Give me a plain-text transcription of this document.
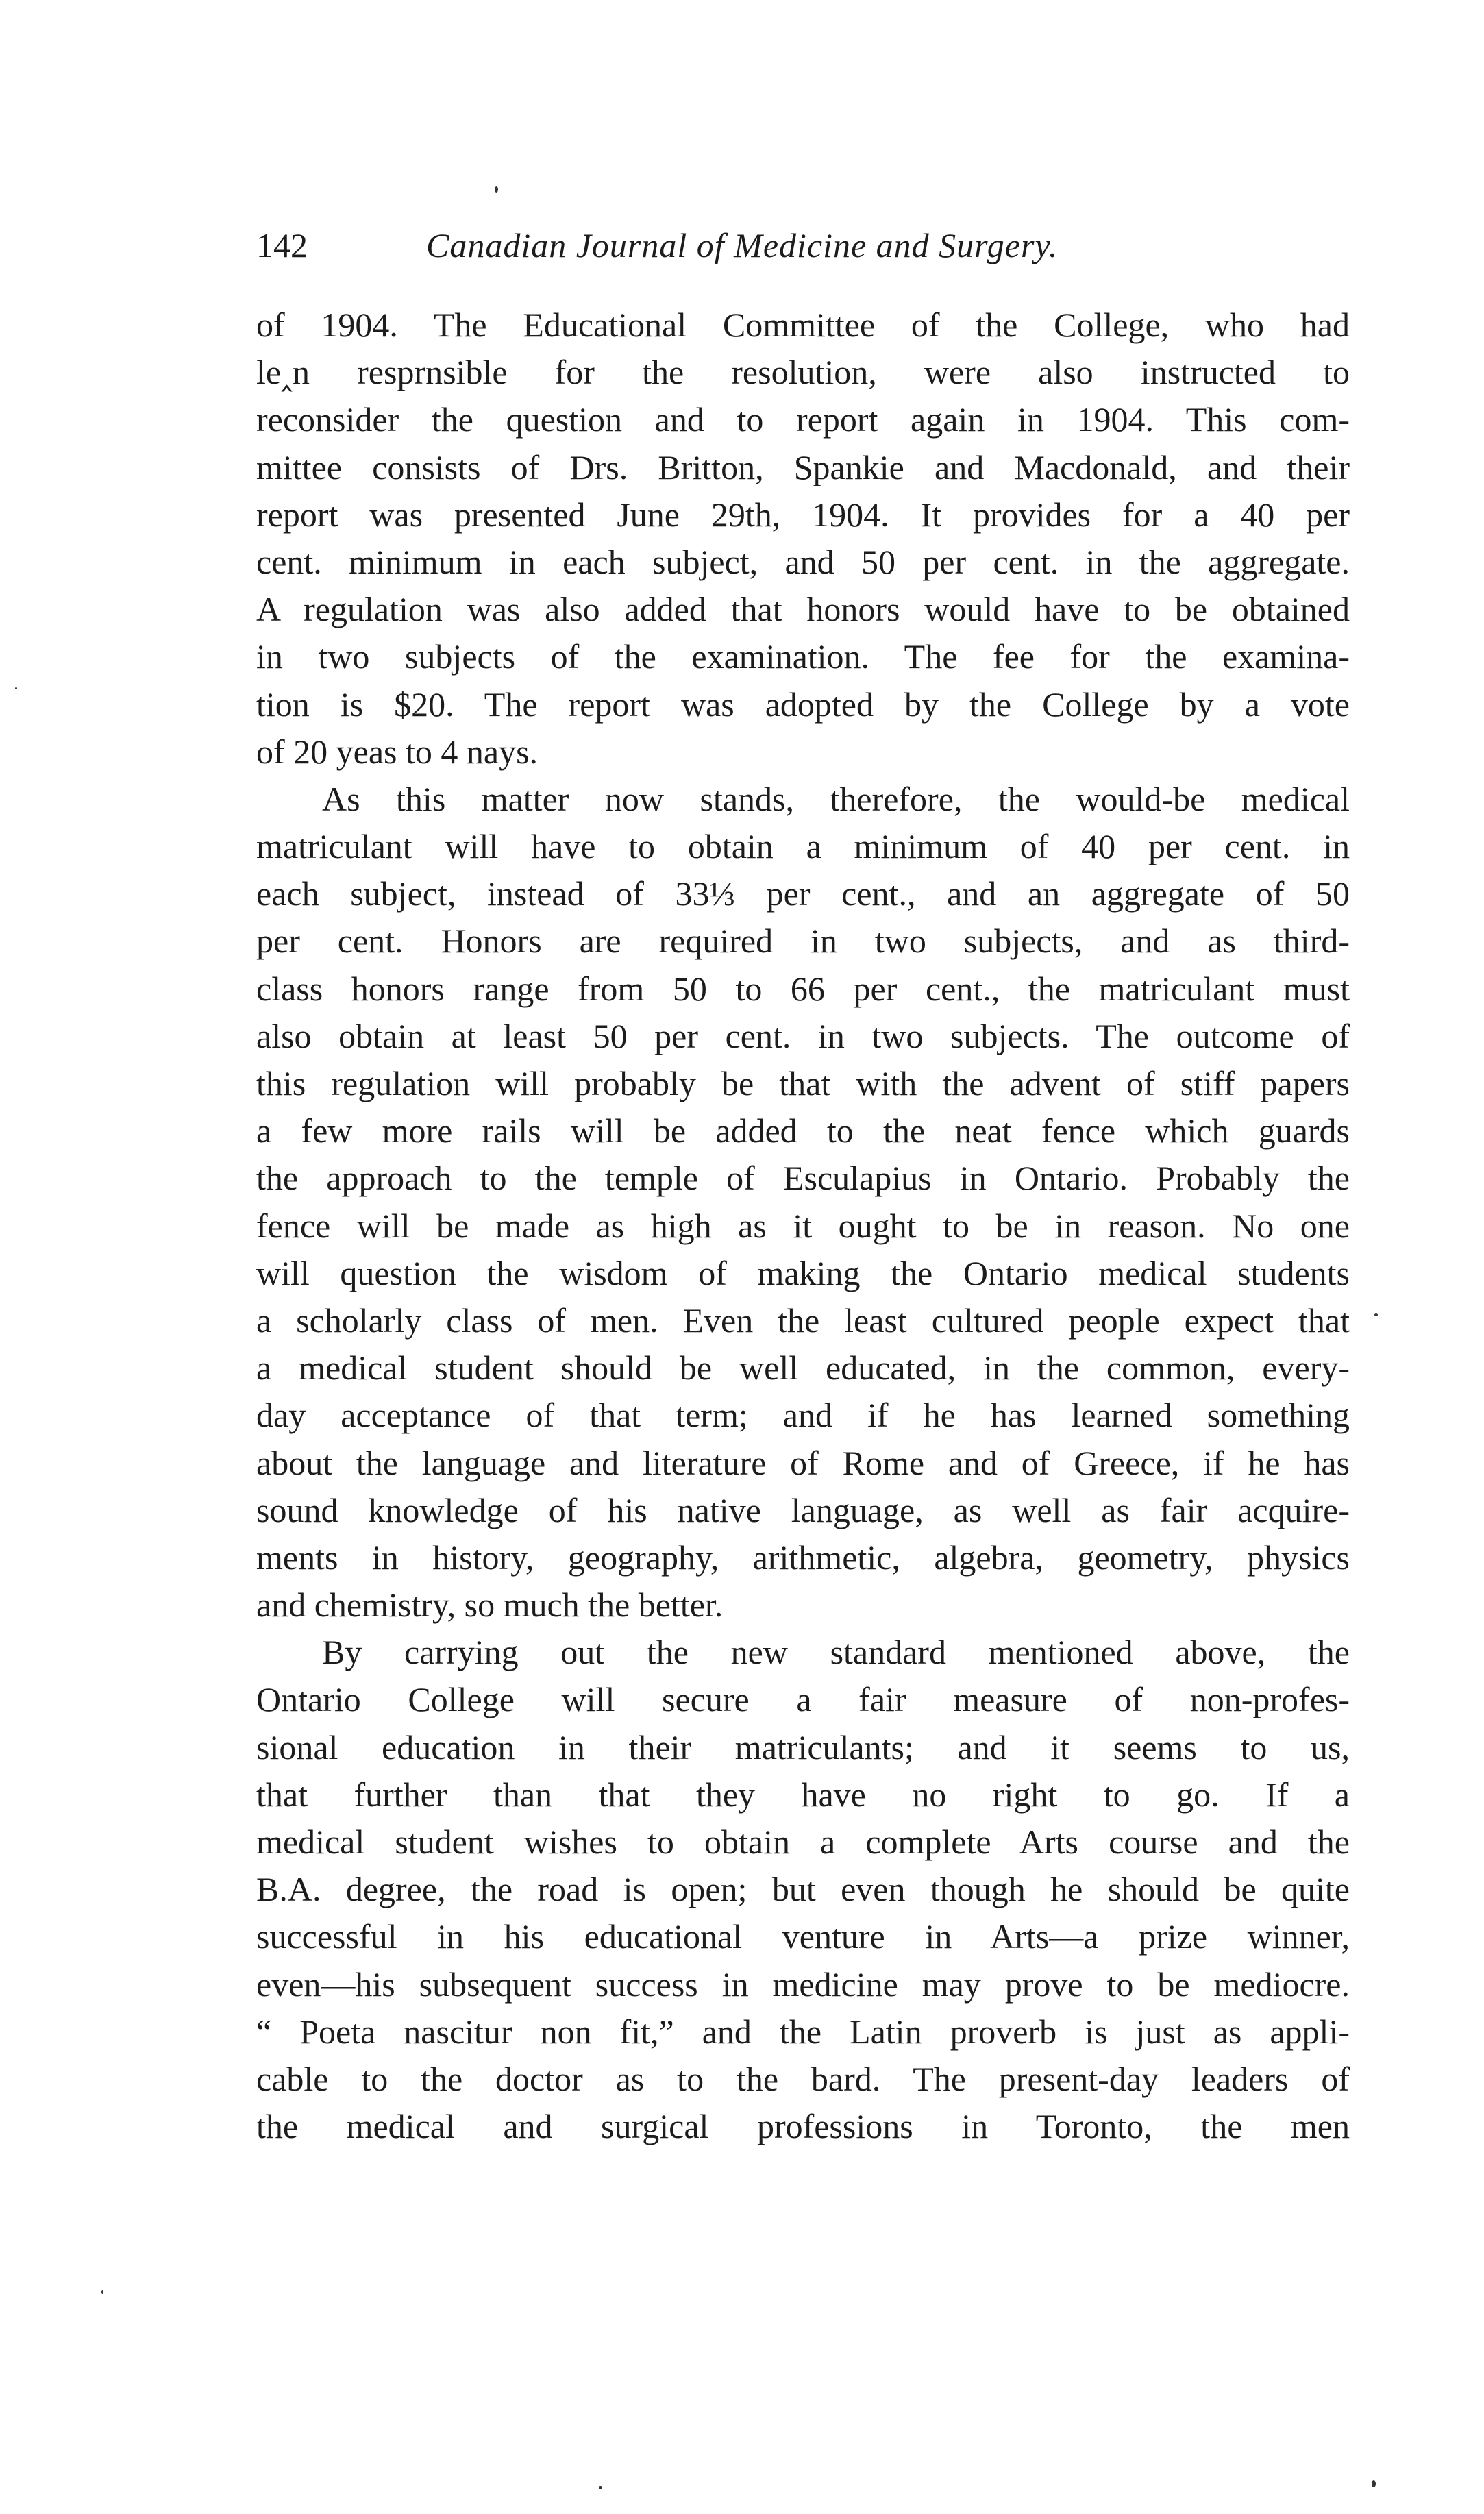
142	Canadian Journal of Medicine and Surgery.
of 1904. The Educational Committee of the College, who had
le‸n resprnsible for the resolution, were also instructed to
reconsider the question and to report again in 1904. This com-
mittee consists of Drs. Britton, Spankie and Macdonald, and their
report was presented June 29th, 1904. It provides for a 40 per
cent. minimum in each subject, and 50 per cent. in the aggregate.
A regulation was also added that honors would have to be obtained
in two subjects of the examination. The fee for the examina-
tion is $20. The report was adopted by the College by a vote
of 20 yeas to 4 nays.
As this matter now stands, therefore, the would-be medical
matriculant will have to obtain a minimum of 40 per cent. in
each subject, instead of 33⅓ per cent., and an aggregate of 50
per cent. Honors are required in two subjects, and as third-
class honors range from 50 to 66 per cent., the matriculant must
also obtain at least 50 per cent. in two subjects. The outcome of
this regulation will probably be that with the advent of stiff papers
a few more rails will be added to the neat fence which guards
the approach to the temple of Esculapius in Ontario. Probably the
fence will be made as high as it ought to be in reason. No one
will question the wisdom of making the Ontario medical students
a scholarly class of men. Even the least cultured people expect that
a medical student should be well educated, in the common, every-
day acceptance of that term; and if he has learned something
about the language and literature of Rome and of Greece, if he has
sound knowledge of his native language, as well as fair acquire-
ments in history, geography, arithmetic, algebra, geometry, physics
and chemistry, so much the better.
By carrying out the new standard mentioned above, the
Ontario College will secure a fair measure of non-profes-
sional education in their matriculants; and it seems to us,
that further than that they have no right to go. If a
medical student wishes to obtain a complete Arts course and the
B.A. degree, the road is open; but even though he should be quite
successful in his educational venture in Arts—a prize winner,
even—his subsequent success in medicine may prove to be mediocre.
“ Poeta nascitur non fit,” and the Latin proverb is just as appli-
cable to the doctor as to the bard. The present-day leaders of
the medical and surgical professions in Toronto, the men
